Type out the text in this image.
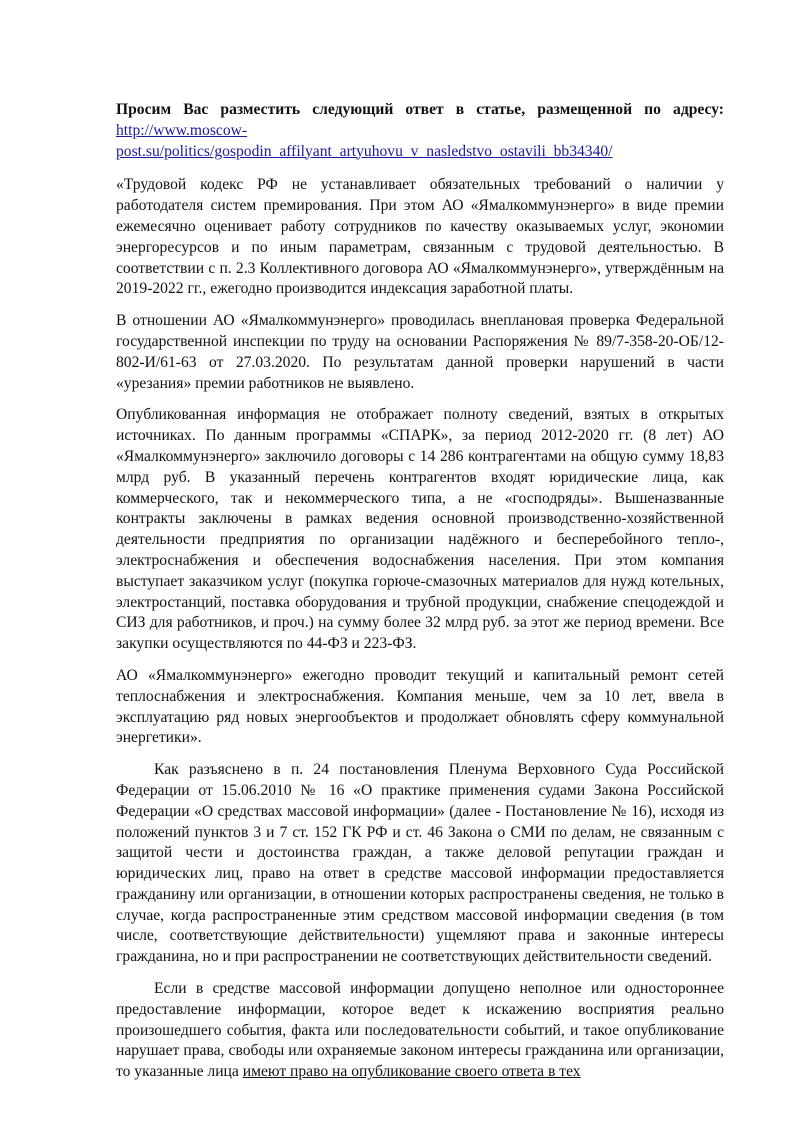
Просим Вас разместить следующий ответ в статье, размещенной по адресу:
http://www.moscow-
post.su/politics/gospodin_affilyant_artyuhovu_v_nasledstvo_ostavili_bb34340/

«Трудовой кодекс РФ не устанавливает обязательных требований о наличии у работодателя систем премирования. При этом АО «Ямалкоммунэнерго» в виде премии ежемесячно оценивает работу сотрудников по качеству оказываемых услуг, экономии энергоресурсов и по иным параметрам, связанным с трудовой деятельностью. В соответствии с п. 2.3 Коллективного договора АО «Ямалкоммунэнерго», утверждённым на 2019-2022 гг., ежегодно производится индексация заработной платы.

В отношении АО «Ямалкоммунэнерго» проводилась внеплановая проверка Федеральной государственной инспекции по труду на основании Распоряжения № 89/7-358-20-ОБ/12-802-И/61-63 от 27.03.2020. По результатам данной проверки нарушений в части «урезания» премии работников не выявлено.

Опубликованная информация не отображает полноту сведений, взятых в открытых источниках. По данным программы «СПАРК», за период 2012-2020 гг. (8 лет) АО «Ямалкоммунэнерго» заключило договоры с 14 286 контрагентами на общую сумму 18,83 млрд руб. В указанный перечень контрагентов входят юридические лица, как коммерческого, так и некоммерческого типа, а не «господряды». Вышеназванные контракты заключены в рамках ведения основной производственно-хозяйственной деятельности предприятия по организации надёжного и бесперебойного тепло-, электроснабжения и обеспечения водоснабжения населения. При этом компания выступает заказчиком услуг (покупка горюче-смазочных материалов для нужд котельных, электростанций, поставка оборудования и трубной продукции, снабжение спецодеждой и СИЗ для работников, и проч.) на сумму более 32 млрд руб. за этот же период времени. Все закупки осуществляются по 44-ФЗ и 223-ФЗ.

АО «Ямалкоммунэнерго» ежегодно проводит текущий и капитальный ремонт сетей теплоснабжения и электроснабжения. Компания меньше, чем за 10 лет, ввела в эксплуатацию ряд новых энергообъектов и продолжает обновлять сферу коммунальной энергетики».

Как разъяснено в п. 24 постановления Пленума Верховного Суда Российской Федерации от 15.06.2010 № 16 «О практике применения судами Закона Российской Федерации «О средствах массовой информации» (далее - Постановление № 16), исходя из положений пунктов 3 и 7 ст. 152 ГК РФ и ст. 46 Закона о СМИ по делам, не связанным с защитой чести и достоинства граждан, а также деловой репутации граждан и юридических лиц, право на ответ в средстве массовой информации предоставляется гражданину или организации, в отношении которых распространены сведения, не только в случае, когда распространенные этим средством массовой информации сведения (в том числе, соответствующие действительности) ущемляют права и законные интересы гражданина, но и при распространении не соответствующих действительности сведений.

Если в средстве массовой информации допущено неполное или одностороннее предоставление информации, которое ведет к искажению восприятия реально произошедшего события, факта или последовательности событий, и такое опубликование нарушает права, свободы или охраняемые законом интересы гражданина или организации, то указанные лица имеют право на опубликование своего ответа в тех
